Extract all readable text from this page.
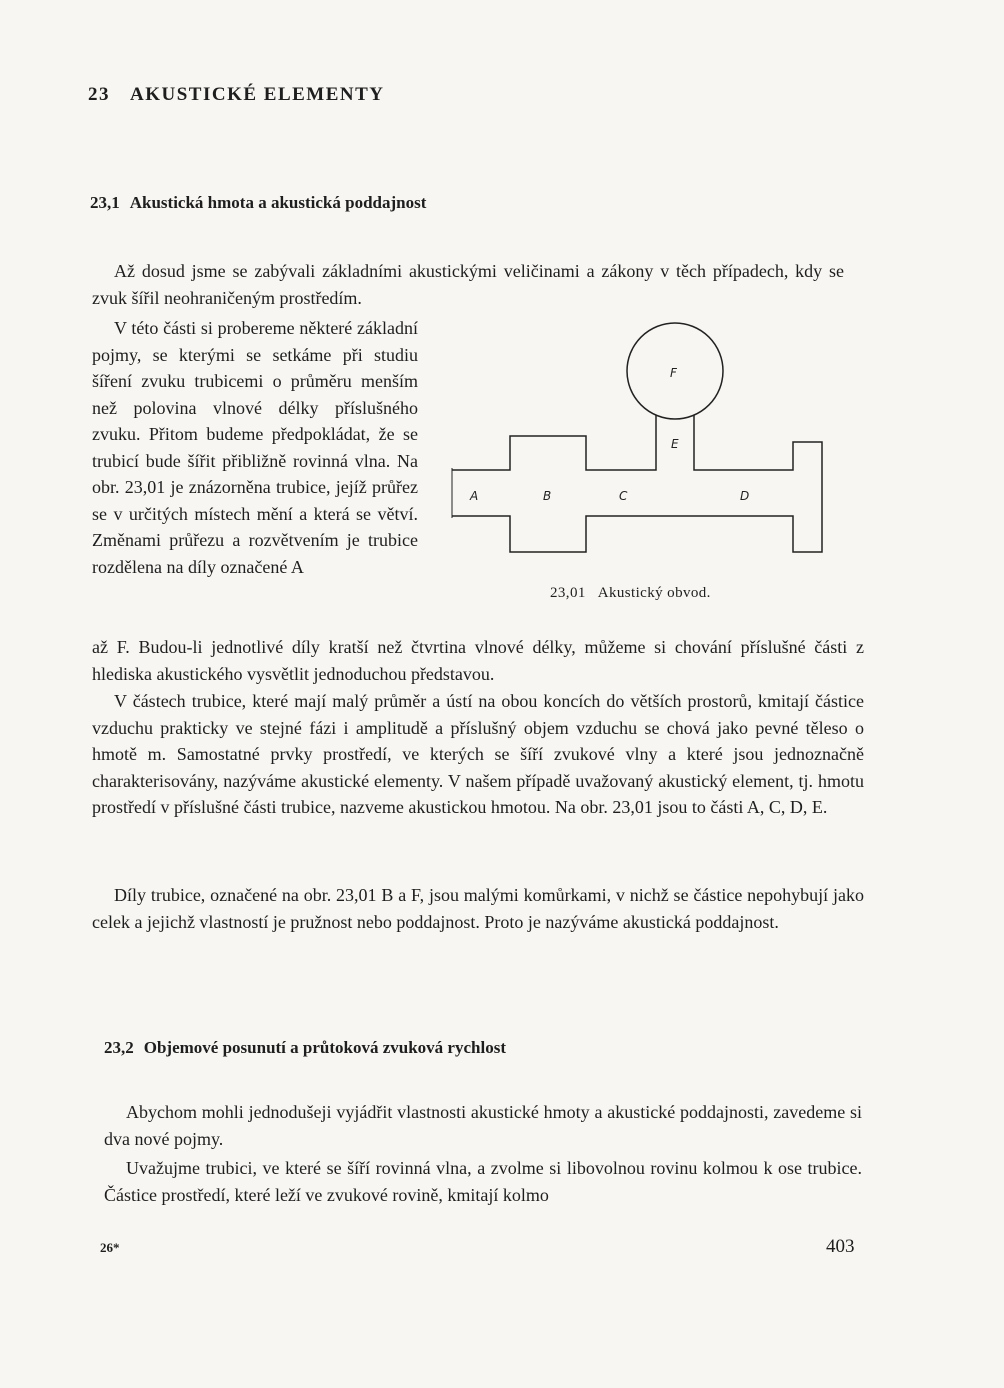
23 AKUSTICKÉ ELEMENTY
23,1 Akustická hmota a akustická poddajnost

Až dosud jsme se zabývali základními akustickými veličinami a zákony v těch případech, kdy se zvuk šířil neohraničeným prostředím.

V této části si probereme některé základní pojmy, se kterými se setkáme při studiu šíření zvuku trubicemi o průměru menším než polovina vlnové délky příslušného zvuku. Přitom budeme předpokládat, že se trubicí bude šířit přibližně rovinná vlna. Na obr. 23,01 je znázorněna trubice, jejíž průřez se v určitých místech mění a která se větví. Změnami průřezu a rozvětvením je trubice rozdělena na díly označené A

F
E
A	B	C	D
23,01 Akustický obvod.

až F. Budou-li jednotlivé díly kratší než čtvrtina vlnové délky, můžeme si chování příslušné části z hlediska akustického vysvětlit jednoduchou představou.

V částech trubice, které mají malý průměr a ústí na obou koncích do větších prostorů, kmitají částice vzduchu prakticky ve stejné fázi i amplitudě a příslušný objem vzduchu se chová jako pevné těleso o hmotě m. Samostatné prvky prostředí, ve kterých se šíří zvukové vlny a které jsou jednoznačně charakterisovány, nazýváme akustické elementy. V našem případě uvažovaný akustický element, tj. hmotu prostředí v příslušné části trubice, nazveme akustickou hmotou. Na obr. 23,01 jsou to části A, C, D, E.

Díly trubice, označené na obr. 23,01 B a F, jsou malými komůrkami, v nichž se částice nepohybují jako celek a jejichž vlastností je pružnost nebo poddajnost. Proto je nazýváme akustická poddajnost.

23,2 Objemové posunutí a průtoková zvuková rychlost

Abychom mohli jednodušeji vyjádřit vlastnosti akustické hmoty a akustické poddajnosti, zavedeme si dva nové pojmy.

Uvažujme trubici, ve které se šíří rovinná vlna, a zvolme si libovolnou rovinu kolmou k ose trubice. Částice prostředí, které leží ve zvukové rovině, kmitají kolmo

26*	403
